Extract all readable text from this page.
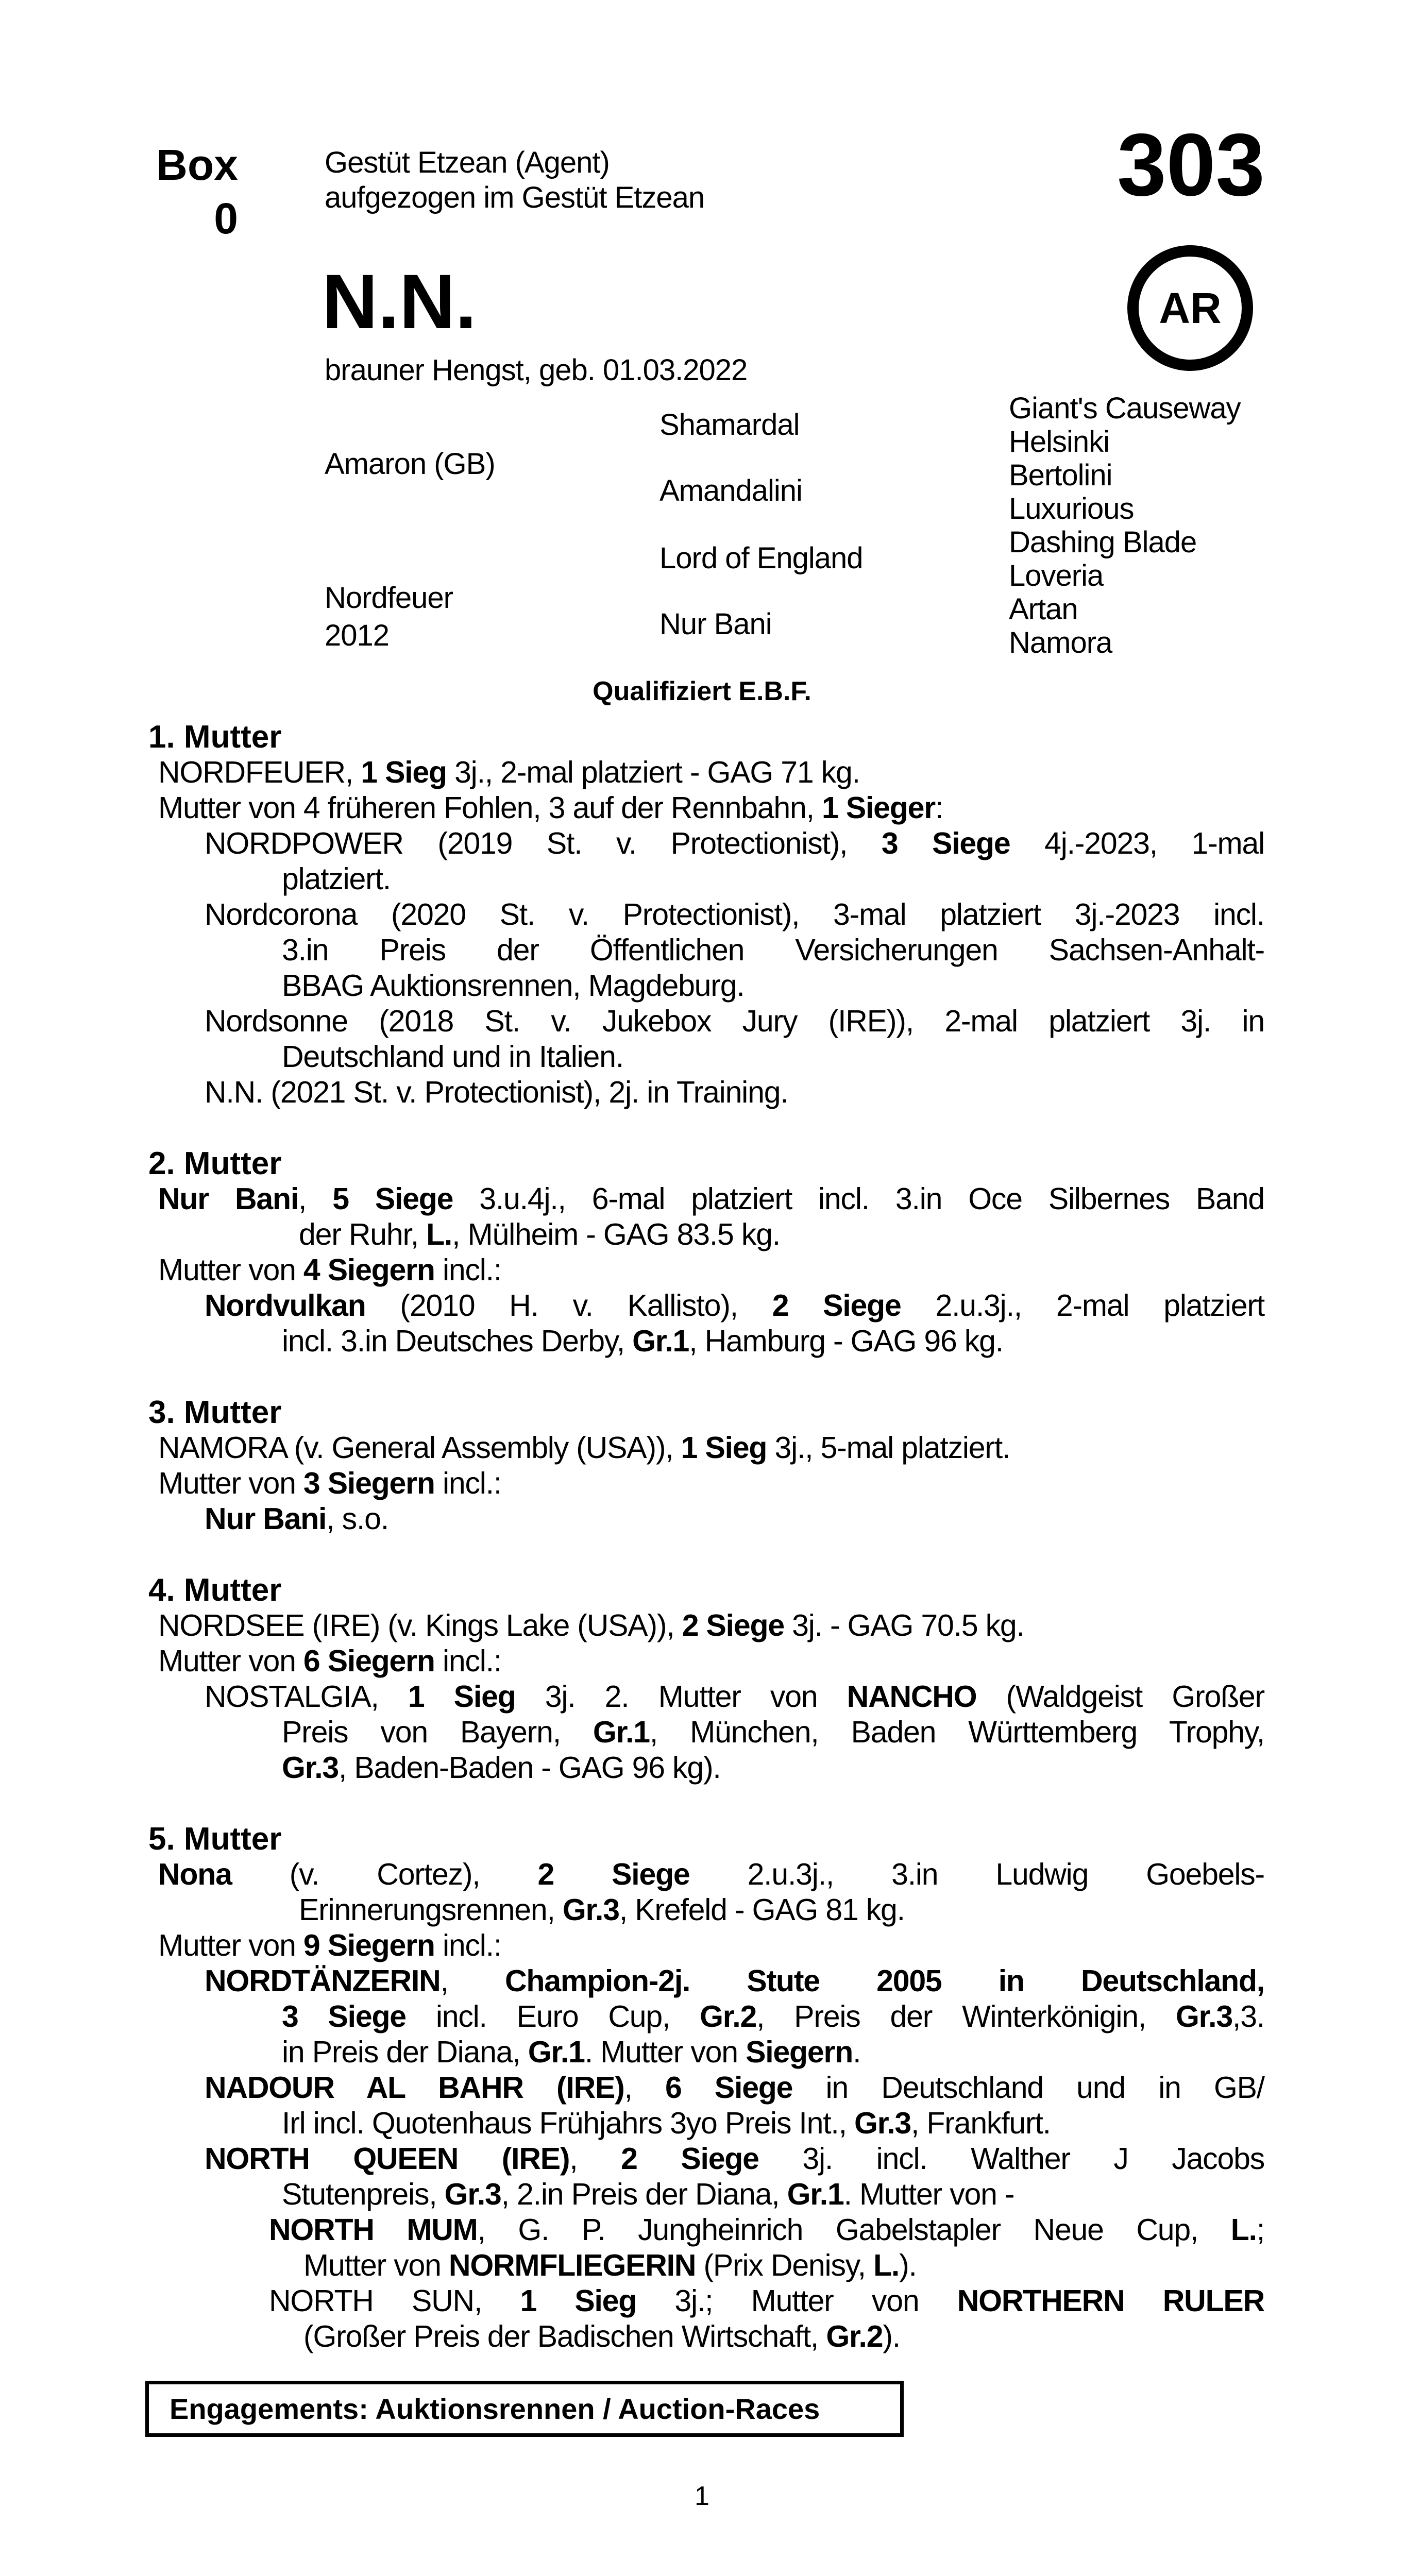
Box
0
Gestüt Etzean (Agent)
aufgezogen im Gestüt Etzean	303
AR
N.N.
brauner Hengst, geb. 01.03.2022
Amaron (GB)
Nordfeuer
2012
Shamardal
Amandalini
Lord of England
Nur Bani
Giant's Causeway
Helsinki
Bertolini
Luxurious
Dashing Blade
Loveria
Artan
Namora
Qualifiziert E.B.F.
1. Mutter
NORDFEUER, 1 Sieg 3j., 2-mal platziert - GAG 71 kg.
Mutter von 4 früheren Fohlen, 3 auf der Rennbahn, 1 Sieger:
NORDPOWER (2019 St. v. Protectionist), 3 Siege 4j.-2023, 1-mal
platziert.
Nordcorona (2020 St. v. Protectionist), 3-mal platziert 3j.-2023 incl.
3.in Preis der Öffentlichen Versicherungen Sachsen-Anhalt-
BBAG Auktionsrennen, Magdeburg.
Nordsonne (2018 St. v. Jukebox Jury (IRE)), 2-mal platziert 3j. in
Deutschland und in Italien.
N.N. (2021 St. v. Protectionist), 2j. in Training.
2. Mutter
Nur Bani, 5 Siege 3.u.4j., 6-mal platziert incl. 3.in Oce Silbernes Band
der Ruhr, L., Mülheim - GAG 83.5 kg.
Mutter von 4 Siegern incl.:
Nordvulkan (2010 H. v. Kallisto), 2 Siege 2.u.3j., 2-mal platziert
incl. 3.in Deutsches Derby, Gr.1, Hamburg - GAG 96 kg.
3. Mutter
NAMORA (v. General Assembly (USA)), 1 Sieg 3j., 5-mal platziert.
Mutter von 3 Siegern incl.:
Nur Bani, s.o.
4. Mutter
NORDSEE (IRE) (v. Kings Lake (USA)), 2 Siege 3j. - GAG 70.5 kg.
Mutter von 6 Siegern incl.:
NOSTALGIA, 1 Sieg 3j. 2. Mutter von NANCHO (Waldgeist Großer
Preis von Bayern, Gr.1, München, Baden Württemberg Trophy,
Gr.3, Baden-Baden - GAG 96 kg).
5. Mutter
Nona (v. Cortez), 2 Siege 2.u.3j., 3.in Ludwig Goebels-
Erinnerungsrennen, Gr.3, Krefeld - GAG 81 kg.
Mutter von 9 Siegern incl.:
NORDTÄNZERIN, Champion-2j. Stute 2005 in Deutschland,
3 Siege incl. Euro Cup, Gr.2, Preis der Winterkönigin, Gr.3,3.
in Preis der Diana, Gr.1. Mutter von Siegern.
NADOUR AL BAHR (IRE), 6 Siege in Deutschland und in GB/
Irl incl. Quotenhaus Frühjahrs 3yo Preis Int., Gr.3, Frankfurt.
NORTH QUEEN (IRE), 2 Siege 3j. incl. Walther J Jacobs
Stutenpreis, Gr.3, 2.in Preis der Diana, Gr.1. Mutter von -
NORTH MUM, G. P. Jungheinrich Gabelstapler Neue Cup, L.;
Mutter von NORMFLIEGERIN (Prix Denisy, L.).
NORTH SUN, 1 Sieg 3j.; Mutter von NORTHERN RULER
(Großer Preis der Badischen Wirtschaft, Gr.2).
Engagements: Auktionsrennen / Auction-Races
1
